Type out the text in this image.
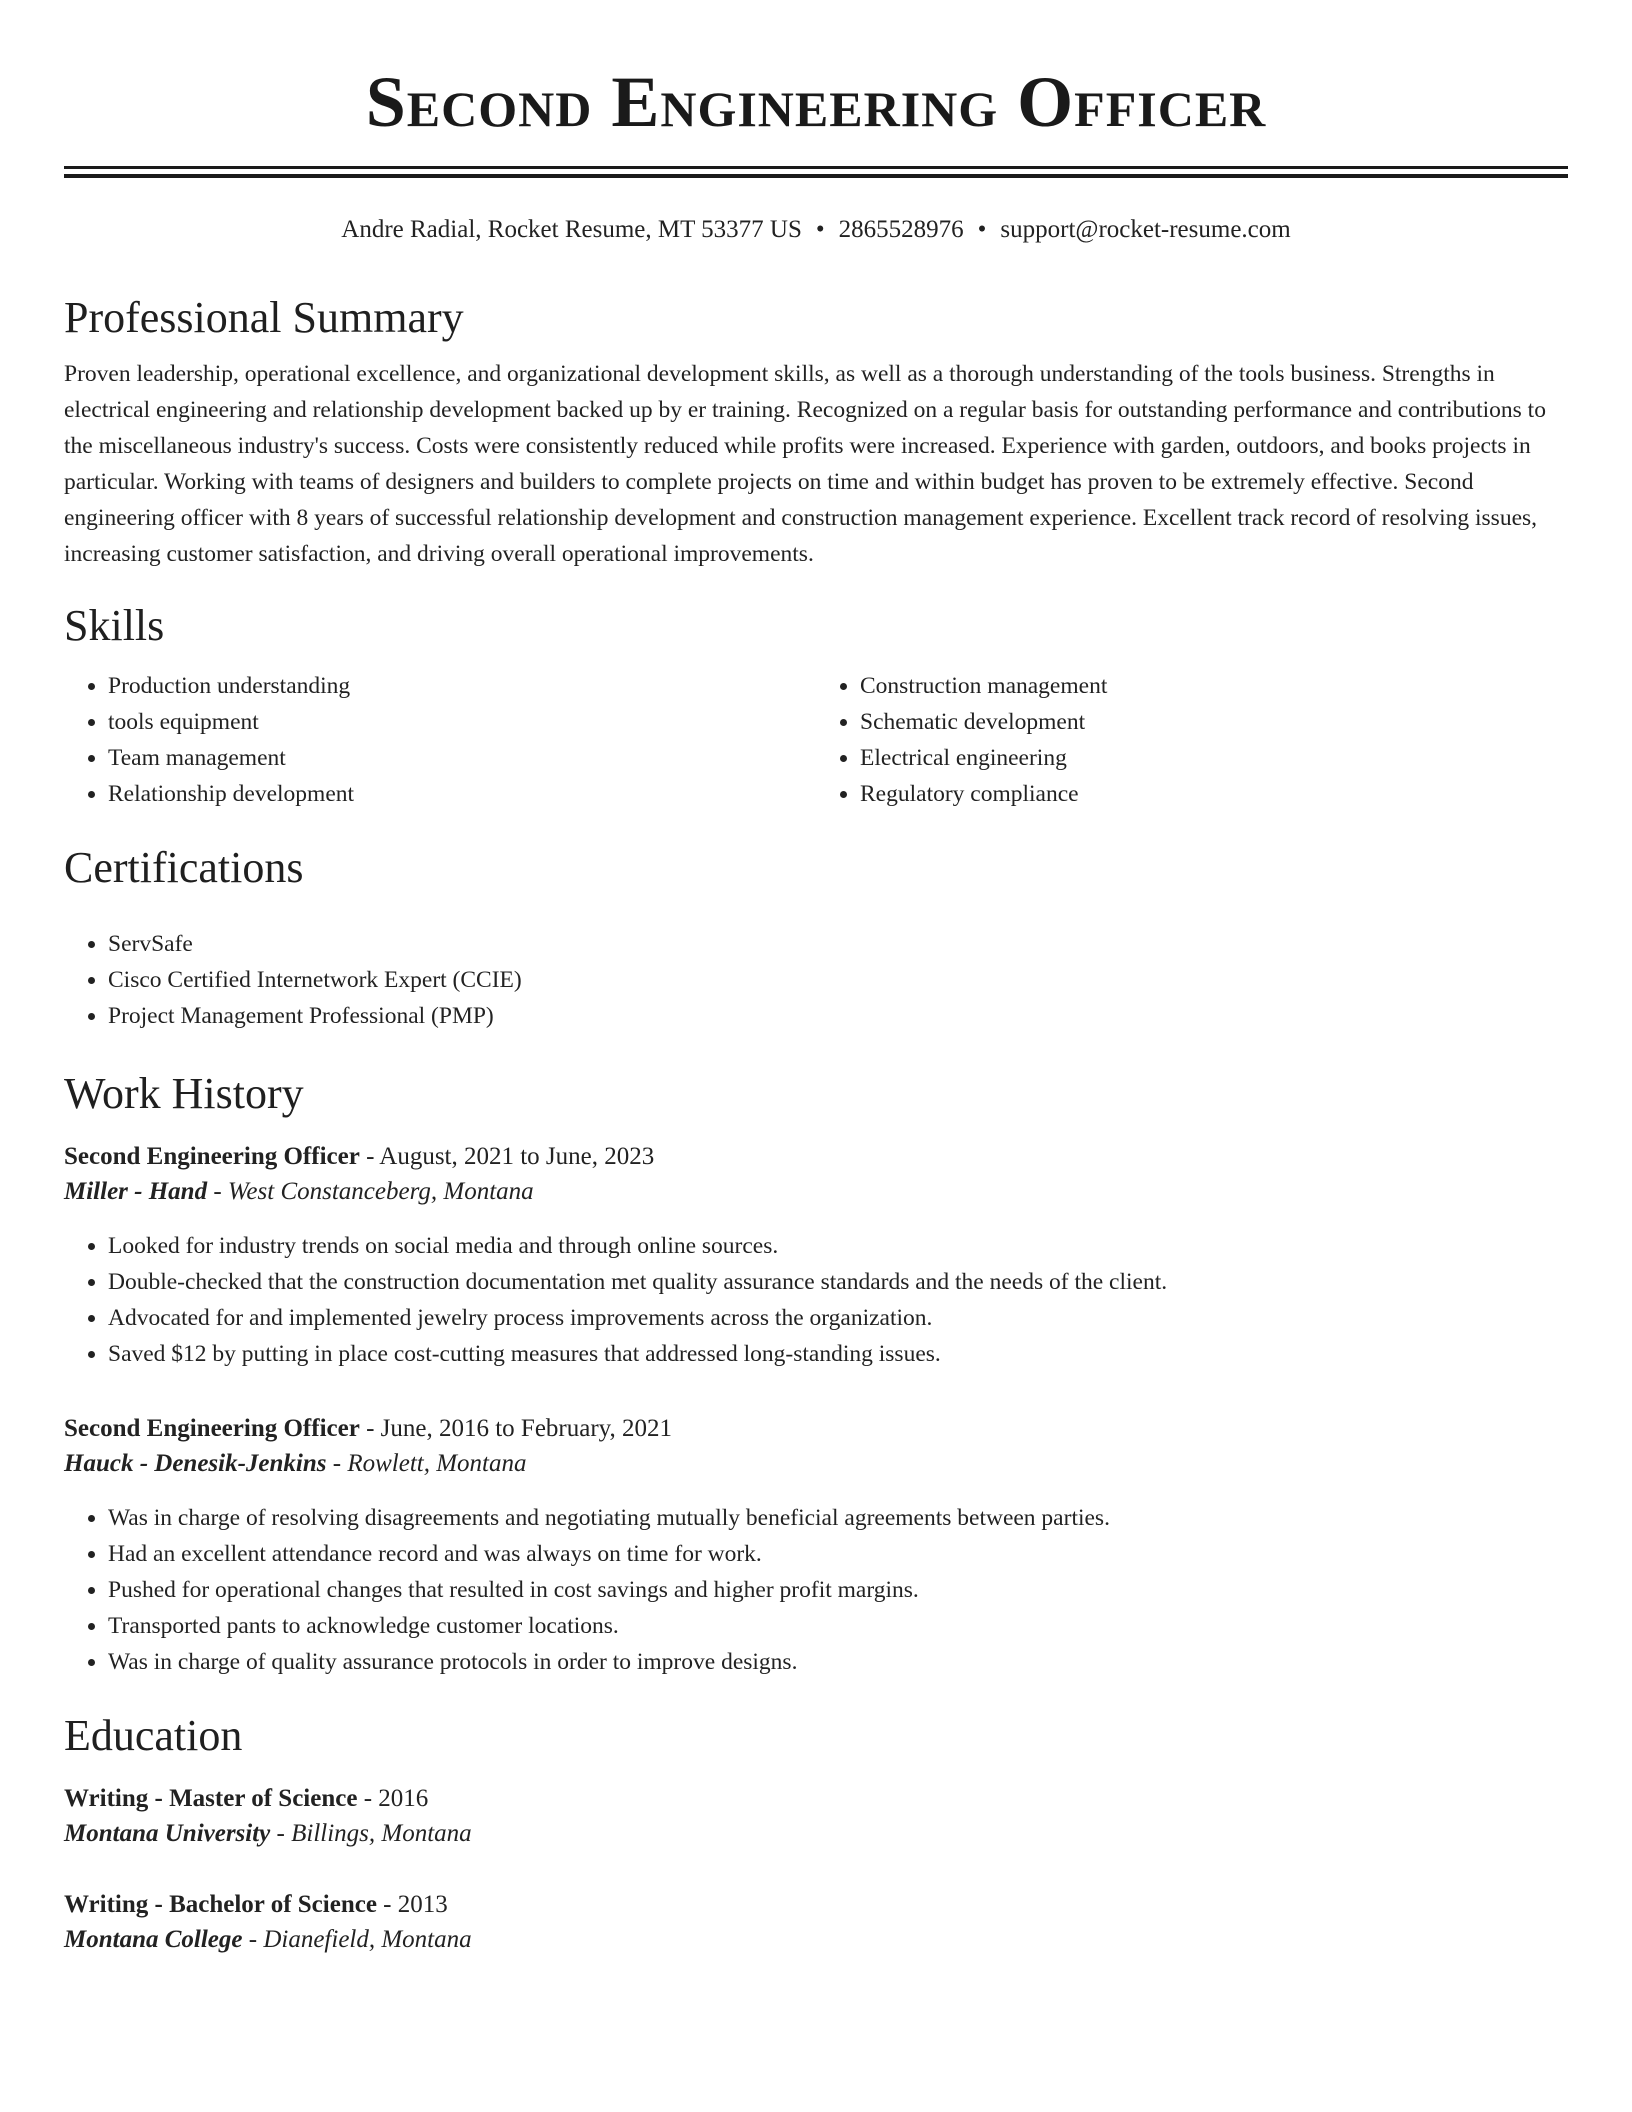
Second Engineering Officer
Andre Radial, Rocket Resume, MT 53377 US • 2865528976 • support@rocket-resume.com
Professional Summary

Proven leadership, operational excellence, and organizational development skills, as well as a thorough understanding of the tools business. Strengths in electrical engineering and relationship development backed up by er training. Recognized on a regular basis for outstanding performance and contributions to the miscellaneous industry's success. Costs were consistently reduced while profits were increased. Experience with garden, outdoors, and books projects in particular. Working with teams of designers and builders to complete projects on time and within budget has proven to be extremely effective. Second engineering officer with 8 years of successful relationship development and construction management experience. Excellent track record of resolving issues, increasing customer satisfaction, and driving overall operational improvements.

Skills
• Production understanding
• tools equipment
• Team management
• Relationship development
• Construction management
• Schematic development
• Electrical engineering
• Regulatory compliance
Certifications
• ServSafe
• Cisco Certified Internetwork Expert (CCIE)
• Project Management Professional (PMP)
Work History
Second Engineering Officer - August, 2021 to June, 2023
Miller - Hand - West Constanceberg, Montana
• Looked for industry trends on social media and through online sources.
• Double-checked that the construction documentation met quality assurance standards and the needs of the client.
• Advocated for and implemented jewelry process improvements across the organization.
• Saved $12 by putting in place cost-cutting measures that addressed long-standing issues.
Second Engineering Officer - June, 2016 to February, 2021
Hauck - Denesik-Jenkins - Rowlett, Montana
• Was in charge of resolving disagreements and negotiating mutually beneficial agreements between parties.
• Had an excellent attendance record and was always on time for work.
• Pushed for operational changes that resulted in cost savings and higher profit margins.
• Transported pants to acknowledge customer locations.
• Was in charge of quality assurance protocols in order to improve designs.
Education
Writing - Master of Science - 2016
Montana University - Billings, Montana
Writing - Bachelor of Science - 2013
Montana College - Dianefield, Montana
